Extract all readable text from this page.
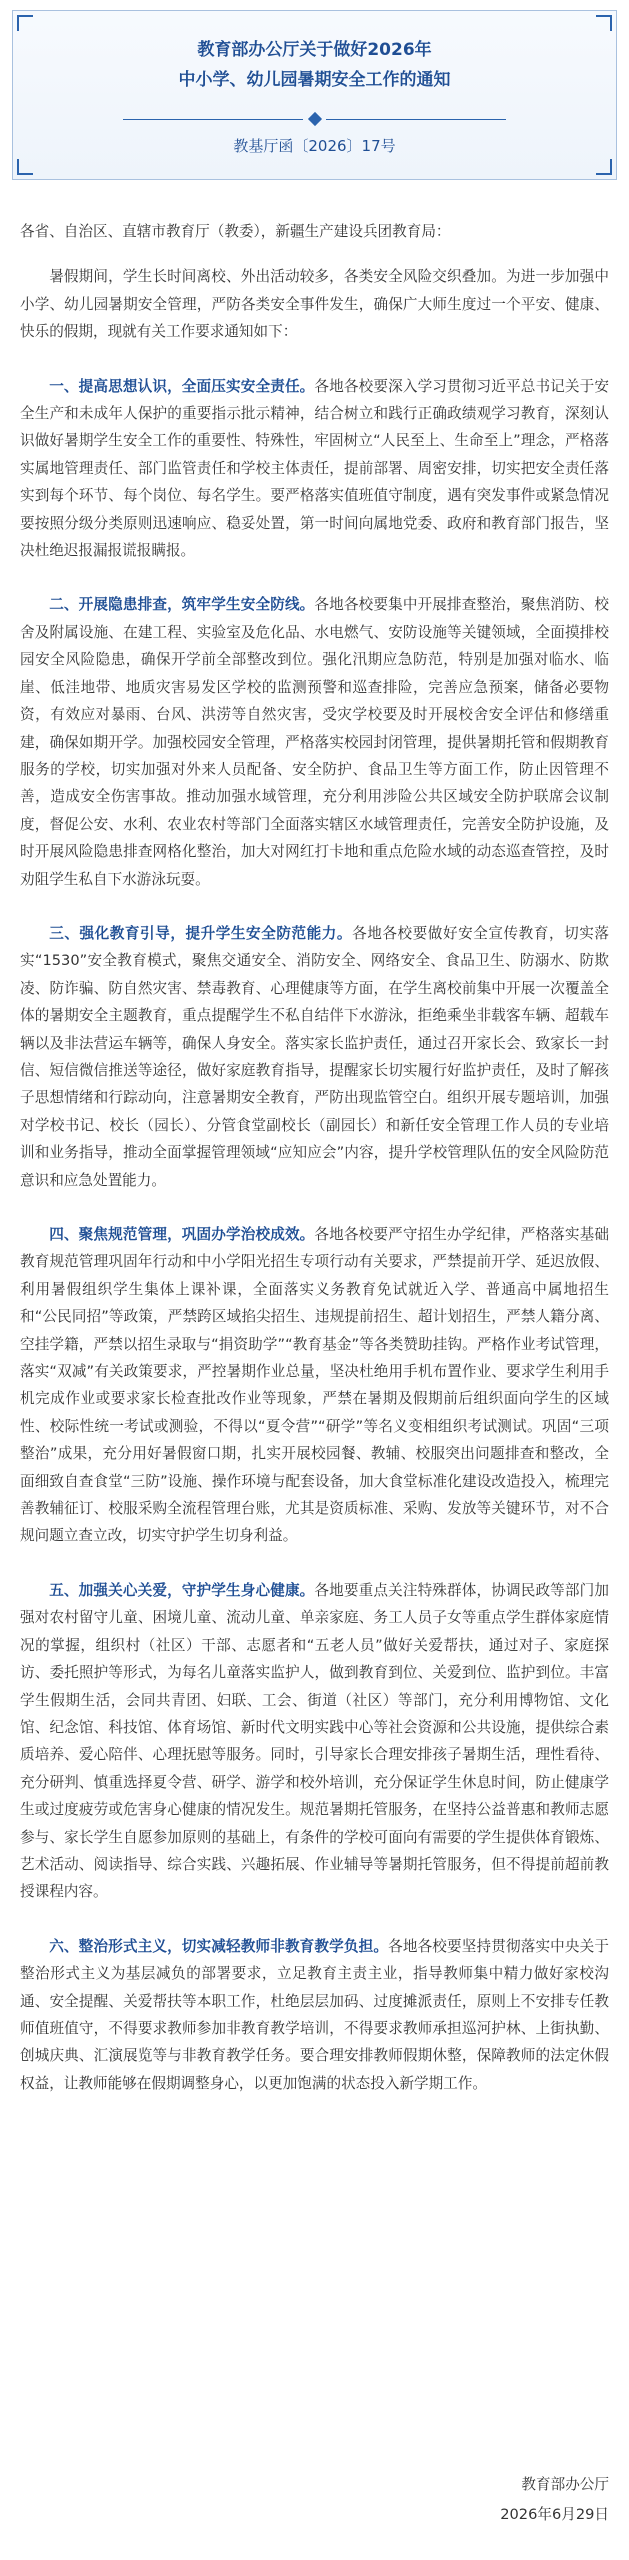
教育部办公厅关于做好2026年
中小学、幼儿园暑期安全工作的通知
教基厅函〔2026〕17号

各省、自治区、直辖市教育厅（教委），新疆生产建设兵团教育局：

暑假期间，学生长时间离校、外出活动较多，各类安全风险交织叠加。为进一步加强中小学、幼儿园暑期安全管理，严防各类安全事件发生，确保广大师生度过一个平安、健康、快乐的假期，现就有关工作要求通知如下：

一、提高思想认识，全面压实安全责任。各地各校要深入学习贯彻习近平总书记关于安全生产和未成年人保护的重要指示批示精神，结合树立和践行正确政绩观学习教育，深刻认识做好暑期学生安全工作的重要性、特殊性，牢固树立“人民至上、生命至上”理念，严格落实属地管理责任、部门监管责任和学校主体责任，提前部署、周密安排，切实把安全责任落实到每个环节、每个岗位、每名学生。要严格落实值班值守制度，遇有突发事件或紧急情况要按照分级分类原则迅速响应、稳妥处置，第一时间向属地党委、政府和教育部门报告，坚决杜绝迟报漏报谎报瞒报。

二、开展隐患排查，筑牢学生安全防线。各地各校要集中开展排查整治，聚焦消防、校舍及附属设施、在建工程、实验室及危化品、水电燃气、安防设施等关键领域，全面摸排校园安全风险隐患，确保开学前全部整改到位。强化汛期应急防范，特别是加强对临水、临崖、低洼地带、地质灾害易发区学校的监测预警和巡查排险，完善应急预案，储备必要物资，有效应对暴雨、台风、洪涝等自然灾害，受灾学校要及时开展校舍安全评估和修缮重建，确保如期开学。加强校园安全管理，严格落实校园封闭管理，提供暑期托管和假期教育服务的学校，切实加强对外来人员配备、安全防护、食品卫生等方面工作，防止因管理不善，造成安全伤害事故。推动加强水域管理，充分利用涉险公共区域安全防护联席会议制度，督促公安、水利、农业农村等部门全面落实辖区水域管理责任，完善安全防护设施，及时开展风险隐患排查网格化整治，加大对网红打卡地和重点危险水域的动态巡查管控，及时劝阻学生私自下水游泳玩耍。

三、强化教育引导，提升学生安全防范能力。各地各校要做好安全宣传教育，切实落实“1530”安全教育模式，聚焦交通安全、消防安全、网络安全、食品卫生、防溺水、防欺凌、防诈骗、防自然灾害、禁毒教育、心理健康等方面，在学生离校前集中开展一次覆盖全体的暑期安全主题教育，重点提醒学生不私自结伴下水游泳，拒绝乘坐非载客车辆、超载车辆以及非法营运车辆等，确保人身安全。落实家长监护责任，通过召开家长会、致家长一封信、短信微信推送等途径，做好家庭教育指导，提醒家长切实履行好监护责任，及时了解孩子思想情绪和行踪动向，注意暑期安全教育，严防出现监管空白。组织开展专题培训，加强对学校书记、校长（园长）、分管食堂副校长（副园长）和新任安全管理工作人员的专业培训和业务指导，推动全面掌握管理领域“应知应会”内容，提升学校管理队伍的安全风险防范意识和应急处置能力。

四、聚焦规范管理，巩固办学治校成效。各地各校要严守招生办学纪律，严格落实基础教育规范管理巩固年行动和中小学阳光招生专项行动有关要求，严禁提前开学、延迟放假、利用暑假组织学生集体上课补课，全面落实义务教育免试就近入学、普通高中属地招生和“公民同招”等政策，严禁跨区域掐尖招生、违规提前招生、超计划招生，严禁人籍分离、空挂学籍，严禁以招生录取与“捐资助学”“教育基金”等各类赞助挂钩。严格作业考试管理，落实“双减”有关政策要求，严控暑期作业总量，坚决杜绝用手机布置作业、要求学生利用手机完成作业或要求家长检查批改作业等现象，严禁在暑期及假期前后组织面向学生的区域性、校际性统一考试或测验，不得以“夏令营”“研学”等名义变相组织考试测试。巩固“三项整治”成果，充分用好暑假窗口期，扎实开展校园餐、教辅、校服突出问题排查和整改，全面细致自查食堂“三防”设施、操作环境与配套设备，加大食堂标准化建设改造投入，梳理完善教辅征订、校服采购全流程管理台账，尤其是资质标准、采购、发放等关键环节，对不合规问题立查立改，切实守护学生切身利益。

五、加强关心关爱，守护学生身心健康。各地要重点关注特殊群体，协调民政等部门加强对农村留守儿童、困境儿童、流动儿童、单亲家庭、务工人员子女等重点学生群体家庭情况的掌握，组织村（社区）干部、志愿者和“五老人员”做好关爱帮扶，通过对子、家庭探访、委托照护等形式，为每名儿童落实监护人，做到教育到位、关爱到位、监护到位。丰富学生假期生活，会同共青团、妇联、工会、街道（社区）等部门，充分利用博物馆、文化馆、纪念馆、科技馆、体育场馆、新时代文明实践中心等社会资源和公共设施，提供综合素质培养、爱心陪伴、心理抚慰等服务。同时，引导家长合理安排孩子暑期生活，理性看待、充分研判、慎重选择夏令营、研学、游学和校外培训，充分保证学生休息时间，防止健康学生或过度疲劳或危害身心健康的情况发生。规范暑期托管服务，在坚持公益普惠和教师志愿参与、家长学生自愿参加原则的基础上，有条件的学校可面向有需要的学生提供体育锻炼、艺术活动、阅读指导、综合实践、兴趣拓展、作业辅导等暑期托管服务，但不得提前超前教授课程内容。

六、整治形式主义，切实减轻教师非教育教学负担。各地各校要坚持贯彻落实中央关于整治形式主义为基层减负的部署要求，立足教育主责主业，指导教师集中精力做好家校沟通、安全提醒、关爱帮扶等本职工作，杜绝层层加码、过度摊派责任，原则上不安排专任教师值班值守，不得要求教师参加非教育教学培训，不得要求教师承担巡河护林、上街执勤、创城庆典、汇演展览等与非教育教学任务。要合理安排教师假期休整，保障教师的法定休假权益，让教师能够在假期调整身心，以更加饱满的状态投入新学期工作。

教育部办公厅

2026年6月29日
